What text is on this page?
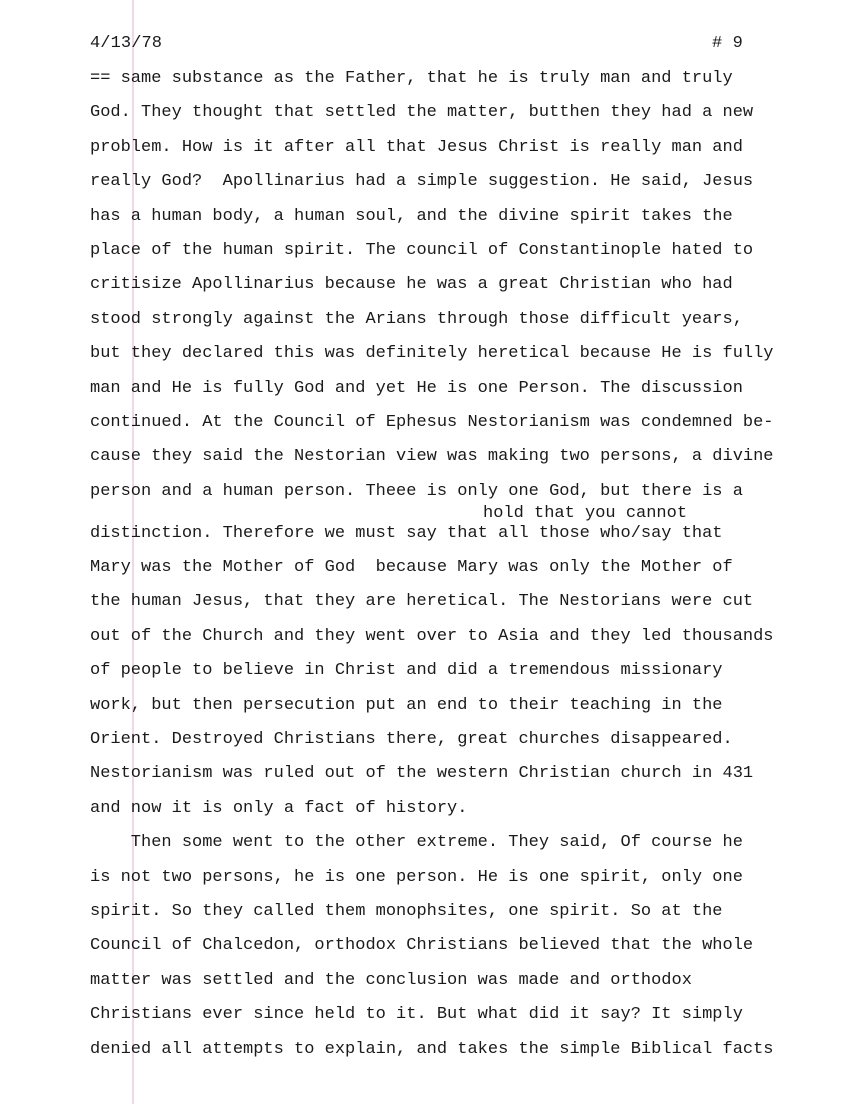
4/13/78	# 9
== same substance as the Father, that he is truly man and truly
God. They thought that settled the matter, butthen they had a new
problem. How is it after all that Jesus Christ is really man and
really God?  Apollinarius had a simple suggestion. He said, Jesus
has a human body, a human soul, and the divine spirit takes the
place of the human spirit. The council of Constantinople hated to
critisize Apollinarius because he was a great Christian who had
stood strongly against the Arians through those difficult years,
but they declared this was definitely heretical because He is fully
man and He is fully God and yet He is one Person. The discussion
continued. At the Council of Ephesus Nestorianism was condemned be-
cause they said the Nestorian view was making two persons, a divine
person and a human person. Theee is only one God, but there is a
hold that you cannot
distinction. Therefore we must say that all those who/say that
Mary was the Mother of God  because Mary was only the Mother of
the human Jesus, that they are heretical. The Nestorians were cut
out of the Church and they went over to Asia and they led thousands
of people to believe in Christ and did a tremendous missionary
work, but then persecution put an end to their teaching in the
Orient. Destroyed Christians there, great churches disappeared.
Nestorianism was ruled out of the western Christian church in 431
and now it is only a fact of history.
Then some went to the other extreme. They said, Of course he
is not two persons, he is one person. He is one spirit, only one
spirit. So they called them monophsites, one spirit. So at the
Council of Chalcedon, orthodox Christians believed that the whole
matter was settled and the conclusion was made and orthodox
Christians ever since held to it. But what did it say? It simply
denied all attempts to explain, and takes the simple Biblical facts
